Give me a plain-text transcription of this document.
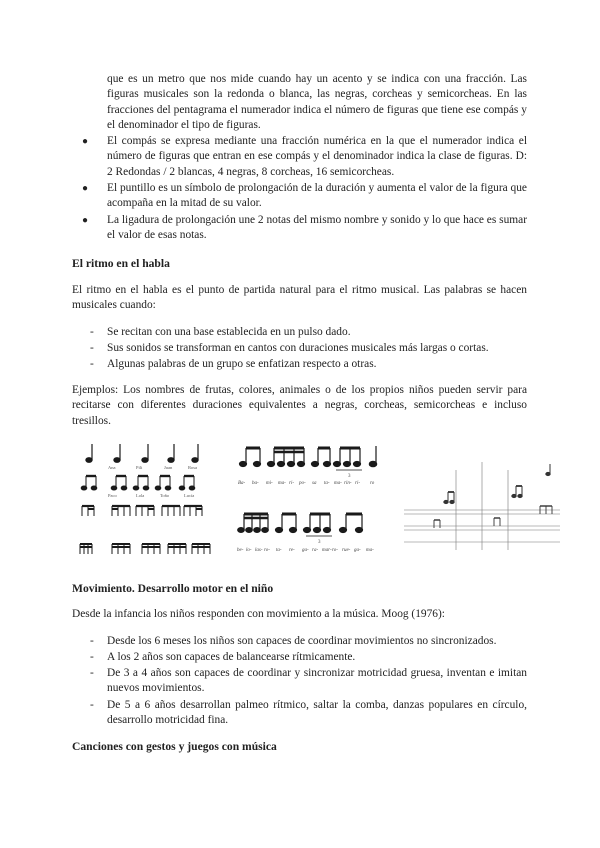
que es un metro que nos mide cuando hay un acento y se indica con una fracción. Las figuras musicales son la redonda o blanca, las negras, corcheas y semicorcheas. En las fracciones del pentagrama el numerador indica el número de figuras que tiene ese compás y el denominador el tipo de figuras.
●	El compás se expresa mediante una fracción numérica en la que el numerador indica el número de figuras que entran en ese compás y el denominador indica la clase de figuras. D: 2 Redondas / 2 blancas, 4 negras, 8 corcheas, 16 semicorcheas.
●	El puntillo es un símbolo de prolongación de la duración y aumenta el valor de la figura que acompaña en la mitad de su valor.
●	La ligadura de prolongación une 2 notas del mismo nombre y sonido y lo que hace es sumar el valor de esas notas.
El ritmo en el habla
El ritmo en el habla es el punto de partida natural para el ritmo musical. Las palabras se hacen musicales cuando:
- Se recitan con una base establecida en un pulso dado.
- Sus sonidos se transforman en cantos con duraciones musicales más largas o cortas.
- Algunas palabras de un grupo se enfatizan respecto a otras.
Ejemplos: Los nombres de frutas, colores, animales o de los propios niños pueden servir para recitarse con diferentes duraciones equivalentes a negras, corcheas, semicorcheas e incluso tresillos.
Ana	Pili	Juan	Rosa
Paco	Lola	Toño	Lucía
3
3
Ba- ba- mi- ma- ri- po- sa ta- ma- rin- ri- ro
be- lo- las- ro- ta- re- ga- ra- mar- ro- rue- ga- ma-
Movimiento. Desarrollo motor en el niño
Desde la infancia los niños responden con movimiento a la música. Moog (1976):
- Desde los 6 meses los niños son capaces de coordinar movimientos no sincronizados.
- A los 2 años son capaces de balancearse rítmicamente.
- De 3 a 4 años son capaces de coordinar y sincronizar motricidad gruesa, inventan e imitan nuevos movimientos.
- De 5 a 6 años desarrollan palmeo rítmico, saltar la comba, danzas populares en círculo, desarrollo motricidad fina.
Canciones con gestos y juegos con música
